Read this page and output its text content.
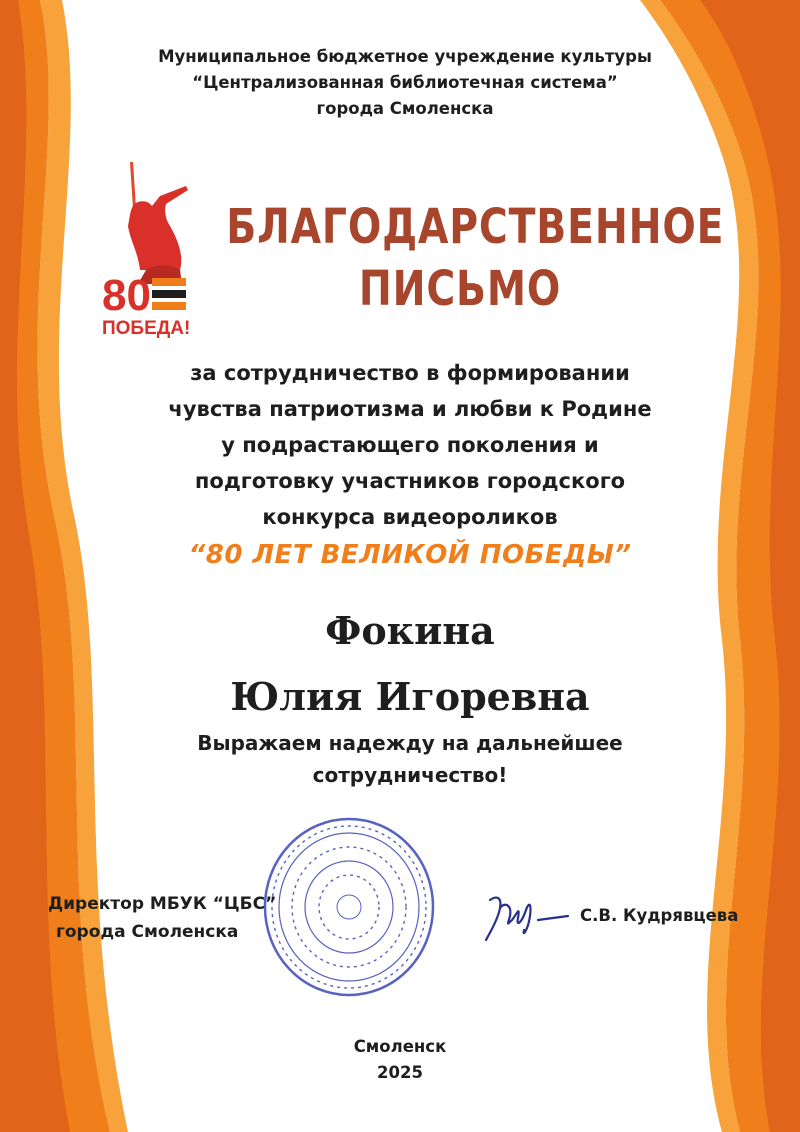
Муниципальное бюджетное учреждение культуры
“Централизованная библиотечная система”
города Смоленска
80
ПОБЕДА!
БЛАГОДАРСТВЕННОЕ
ПИСЬМО
за сотрудничество в формировании
чувства патриотизма и любви к Родине
у подрастающего поколения и
подготовку участников городского
конкурса видеороликов
“80 ЛЕТ ВЕЛИКОЙ ПОБЕДЫ”
Фокина
Юлия Игоревна
Выражаем надежду на дальнейшее
сотрудничество!
Директор МБУК “ЦБС”
города Смоленска
С.В. Кудрявцева
Смоленск
2025
